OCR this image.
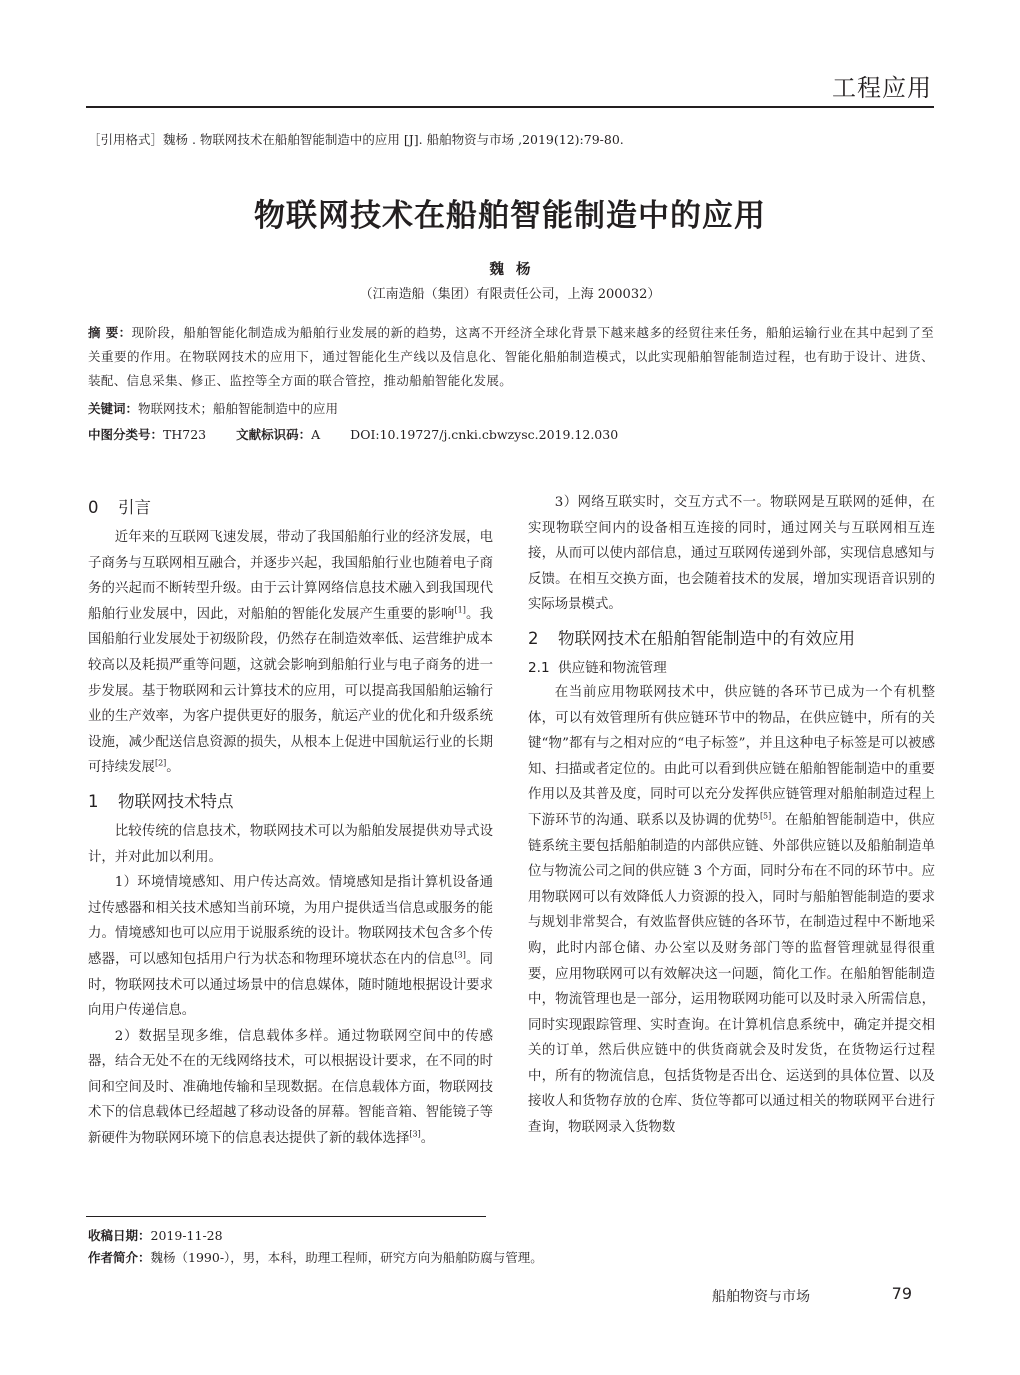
工程应用
［引用格式］魏杨 . 物联网技术在船舶智能制造中的应用 [J]. 船舶物资与市场 ,2019(12):79-80.
物联网技术在船舶智能制造中的应用
魏杨
（江南造船（集团）有限责任公司，上海 200032）
摘 要：现阶段，船舶智能化制造成为船舶行业发展的新的趋势，这离不开经济全球化背景下越来越多的经贸往来任务，船舶运输行业在其中起到了至关重要的作用。在物联网技术的应用下，通过智能化生产线以及信息化、智能化船舶制造模式，以此实现船舶智能制造过程，也有助于设计、进货、装配、信息采集、修正、监控等全方面的联合管控，推动船舶智能化发展。
关键词：物联网技术；船舶智能制造中的应用
中图分类号：TH723 文献标识码：A DOI:10.19727/j.cnki.cbwzysc.2019.12.030
0 引言

近年来的互联网飞速发展，带动了我国船舶行业的经济发展，电子商务与互联网相互融合，并逐步兴起，我国船舶行业也随着电子商务的兴起而不断转型升级。由于云计算网络信息技术融入到我国现代船舶行业发展中，因此，对船舶的智能化发展产生重要的影响[1]。我国船舶行业发展处于初级阶段，仍然存在制造效率低、运营维护成本较高以及耗损严重等问题，这就会影响到船舶行业与电子商务的进一步发展。基于物联网和云计算技术的应用，可以提高我国船舶运输行业的生产效率，为客户提供更好的服务，航运产业的优化和升级系统设施，减少配送信息资源的损失，从根本上促进中国航运行业的长期可持续发展[2]。

1 物联网技术特点

比较传统的信息技术，物联网技术可以为船舶发展提供劝导式设计，并对此加以利用。

1）环境情境感知、用户传达高效。情境感知是指计算机设备通过传感器和相关技术感知当前环境，为用户提供适当信息或服务的能力。情境感知也可以应用于说服系统的设计。物联网技术包含多个传感器，可以感知包括用户行为状态和物理环境状态在内的信息[3]。同时，物联网技术可以通过场景中的信息媒体，随时随地根据设计要求向用户传递信息。

2）数据呈现多维，信息载体多样。通过物联网空间中的传感器，结合无处不在的无线网络技术，可以根据设计要求，在不同的时间和空间及时、准确地传输和呈现数据。在信息载体方面，物联网技术下的信息载体已经超越了移动设备的屏幕。智能音箱、智能镜子等新硬件为物联网环境下的信息表达提供了新的载体选择[3]。

3）网络互联实时，交互方式不一。物联网是互联网的延伸，在实现物联空间内的设备相互连接的同时，通过网关与互联网相互连接，从而可以使内部信息，通过互联网传递到外部，实现信息感知与反馈。在相互交换方面，也会随着技术的发展，增加实现语音识别的实际场景模式。

2 物联网技术在船舶智能制造中的有效应用
2.1 供应链和物流管理

在当前应用物联网技术中，供应链的各环节已成为一个有机整体，可以有效管理所有供应链环节中的物品，在供应链中，所有的关键“物”都有与之相对应的“电子标签”，并且这种电子标签是可以被感知、扫描或者定位的。由此可以看到供应链在船舶智能制造中的重要作用以及其普及度，同时可以充分发挥供应链管理对船舶制造过程上下游环节的沟通、联系以及协调的优势[5]。在船舶智能制造中，供应链系统主要包括船舶制造的内部供应链、外部供应链以及船舶制造单位与物流公司之间的供应链 3 个方面，同时分布在不同的环节中。应用物联网可以有效降低人力资源的投入，同时与船舶智能制造的要求与规划非常契合，有效监督供应链的各环节，在制造过程中不断地采购，此时内部仓储、办公室以及财务部门等的监督管理就显得很重要，应用物联网可以有效解决这一问题，简化工作。在船舶智能制造中，物流管理也是一部分，运用物联网功能可以及时录入所需信息，同时实现跟踪管理、实时查询。在计算机信息系统中，确定并提交相关的订单，然后供应链中的供货商就会及时发货，在货物运行过程中，所有的物流信息，包括货物是否出仓、运送到的具体位置、以及接收人和货物存放的仓库、货位等都可以通过相关的物联网平台进行查询，物联网录入货物数

收稿日期：2019-11-28
作者简介：魏杨（1990-），男，本科，助理工程师，研究方向为船舶防腐与管理。
船舶物资与市场	79
